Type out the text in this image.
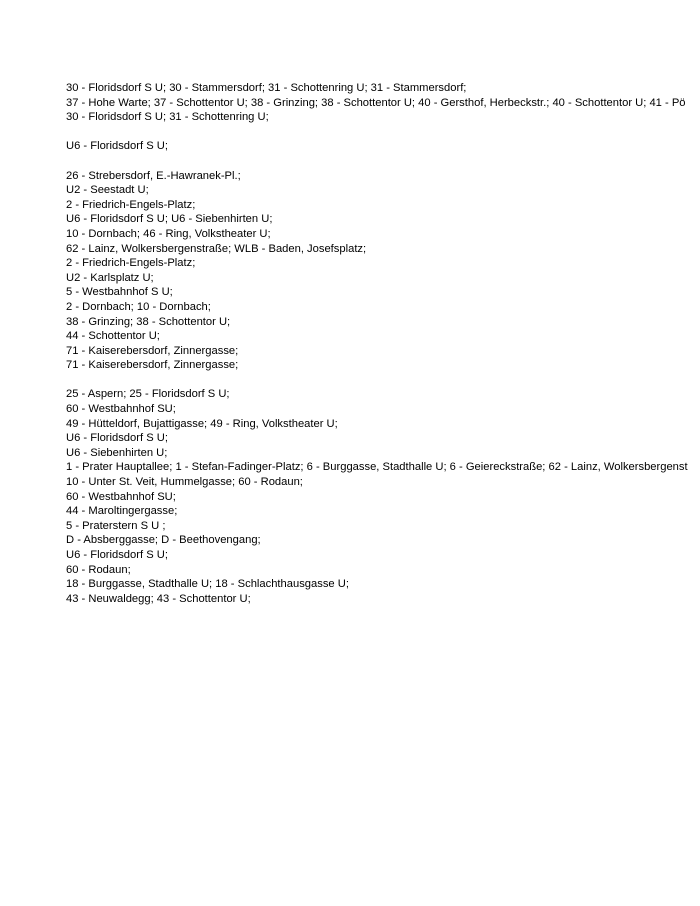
30 - Floridsdorf S U; 30 - Stammersdorf; 31 - Schottenring U; 31 - Stammersdorf;
37 - Hohe Warte; 37 - Schottentor U; 38 - Grinzing; 38 - Schottentor U; 40 - Gersthof, Herbeckstr.; 40 - Schottentor U; 41 - Pö
30 - Floridsdorf S U; 31 - Schottenring U;
U6 - Floridsdorf S U;
26 - Strebersdorf, E.-Hawranek-Pl.;
U2 - Seestadt U;
2 - Friedrich-Engels-Platz;
U6 - Floridsdorf S U; U6 - Siebenhirten U;
10 - Dornbach; 46 - Ring, Volkstheater U;
62 - Lainz, Wolkersbergenstraße; WLB - Baden, Josefsplatz;
2 - Friedrich-Engels-Platz;
U2 - Karlsplatz U;
5 - Westbahnhof S U;
2 - Dornbach; 10 - Dornbach;
38 - Grinzing; 38 - Schottentor U;
44 - Schottentor U;
71 - Kaiserebersdorf, Zinnergasse;
71 - Kaiserebersdorf, Zinnergasse;
25 - Aspern; 25 - Floridsdorf S U;
60 - Westbahnhof SU;
49 - Hütteldorf, Bujattigasse; 49 - Ring, Volkstheater U;
U6 - Floridsdorf S U;
U6 - Siebenhirten U;
1 - Prater Hauptallee; 1 - Stefan-Fadinger-Platz; 6 - Burggasse, Stadthalle U; 6 - Geiereckstraße; 62 - Lainz, Wolkersbergenst
10 - Unter St. Veit, Hummelgasse; 60 - Rodaun;
60 - Westbahnhof SU;
44 - Maroltingergasse;
5 - Praterstern S U ;
D - Absberggasse; D - Beethovengang;
U6 - Floridsdorf S U;
60 - Rodaun;
18 - Burggasse, Stadthalle U; 18 - Schlachthausgasse U;
43 - Neuwaldegg; 43 - Schottentor U;
